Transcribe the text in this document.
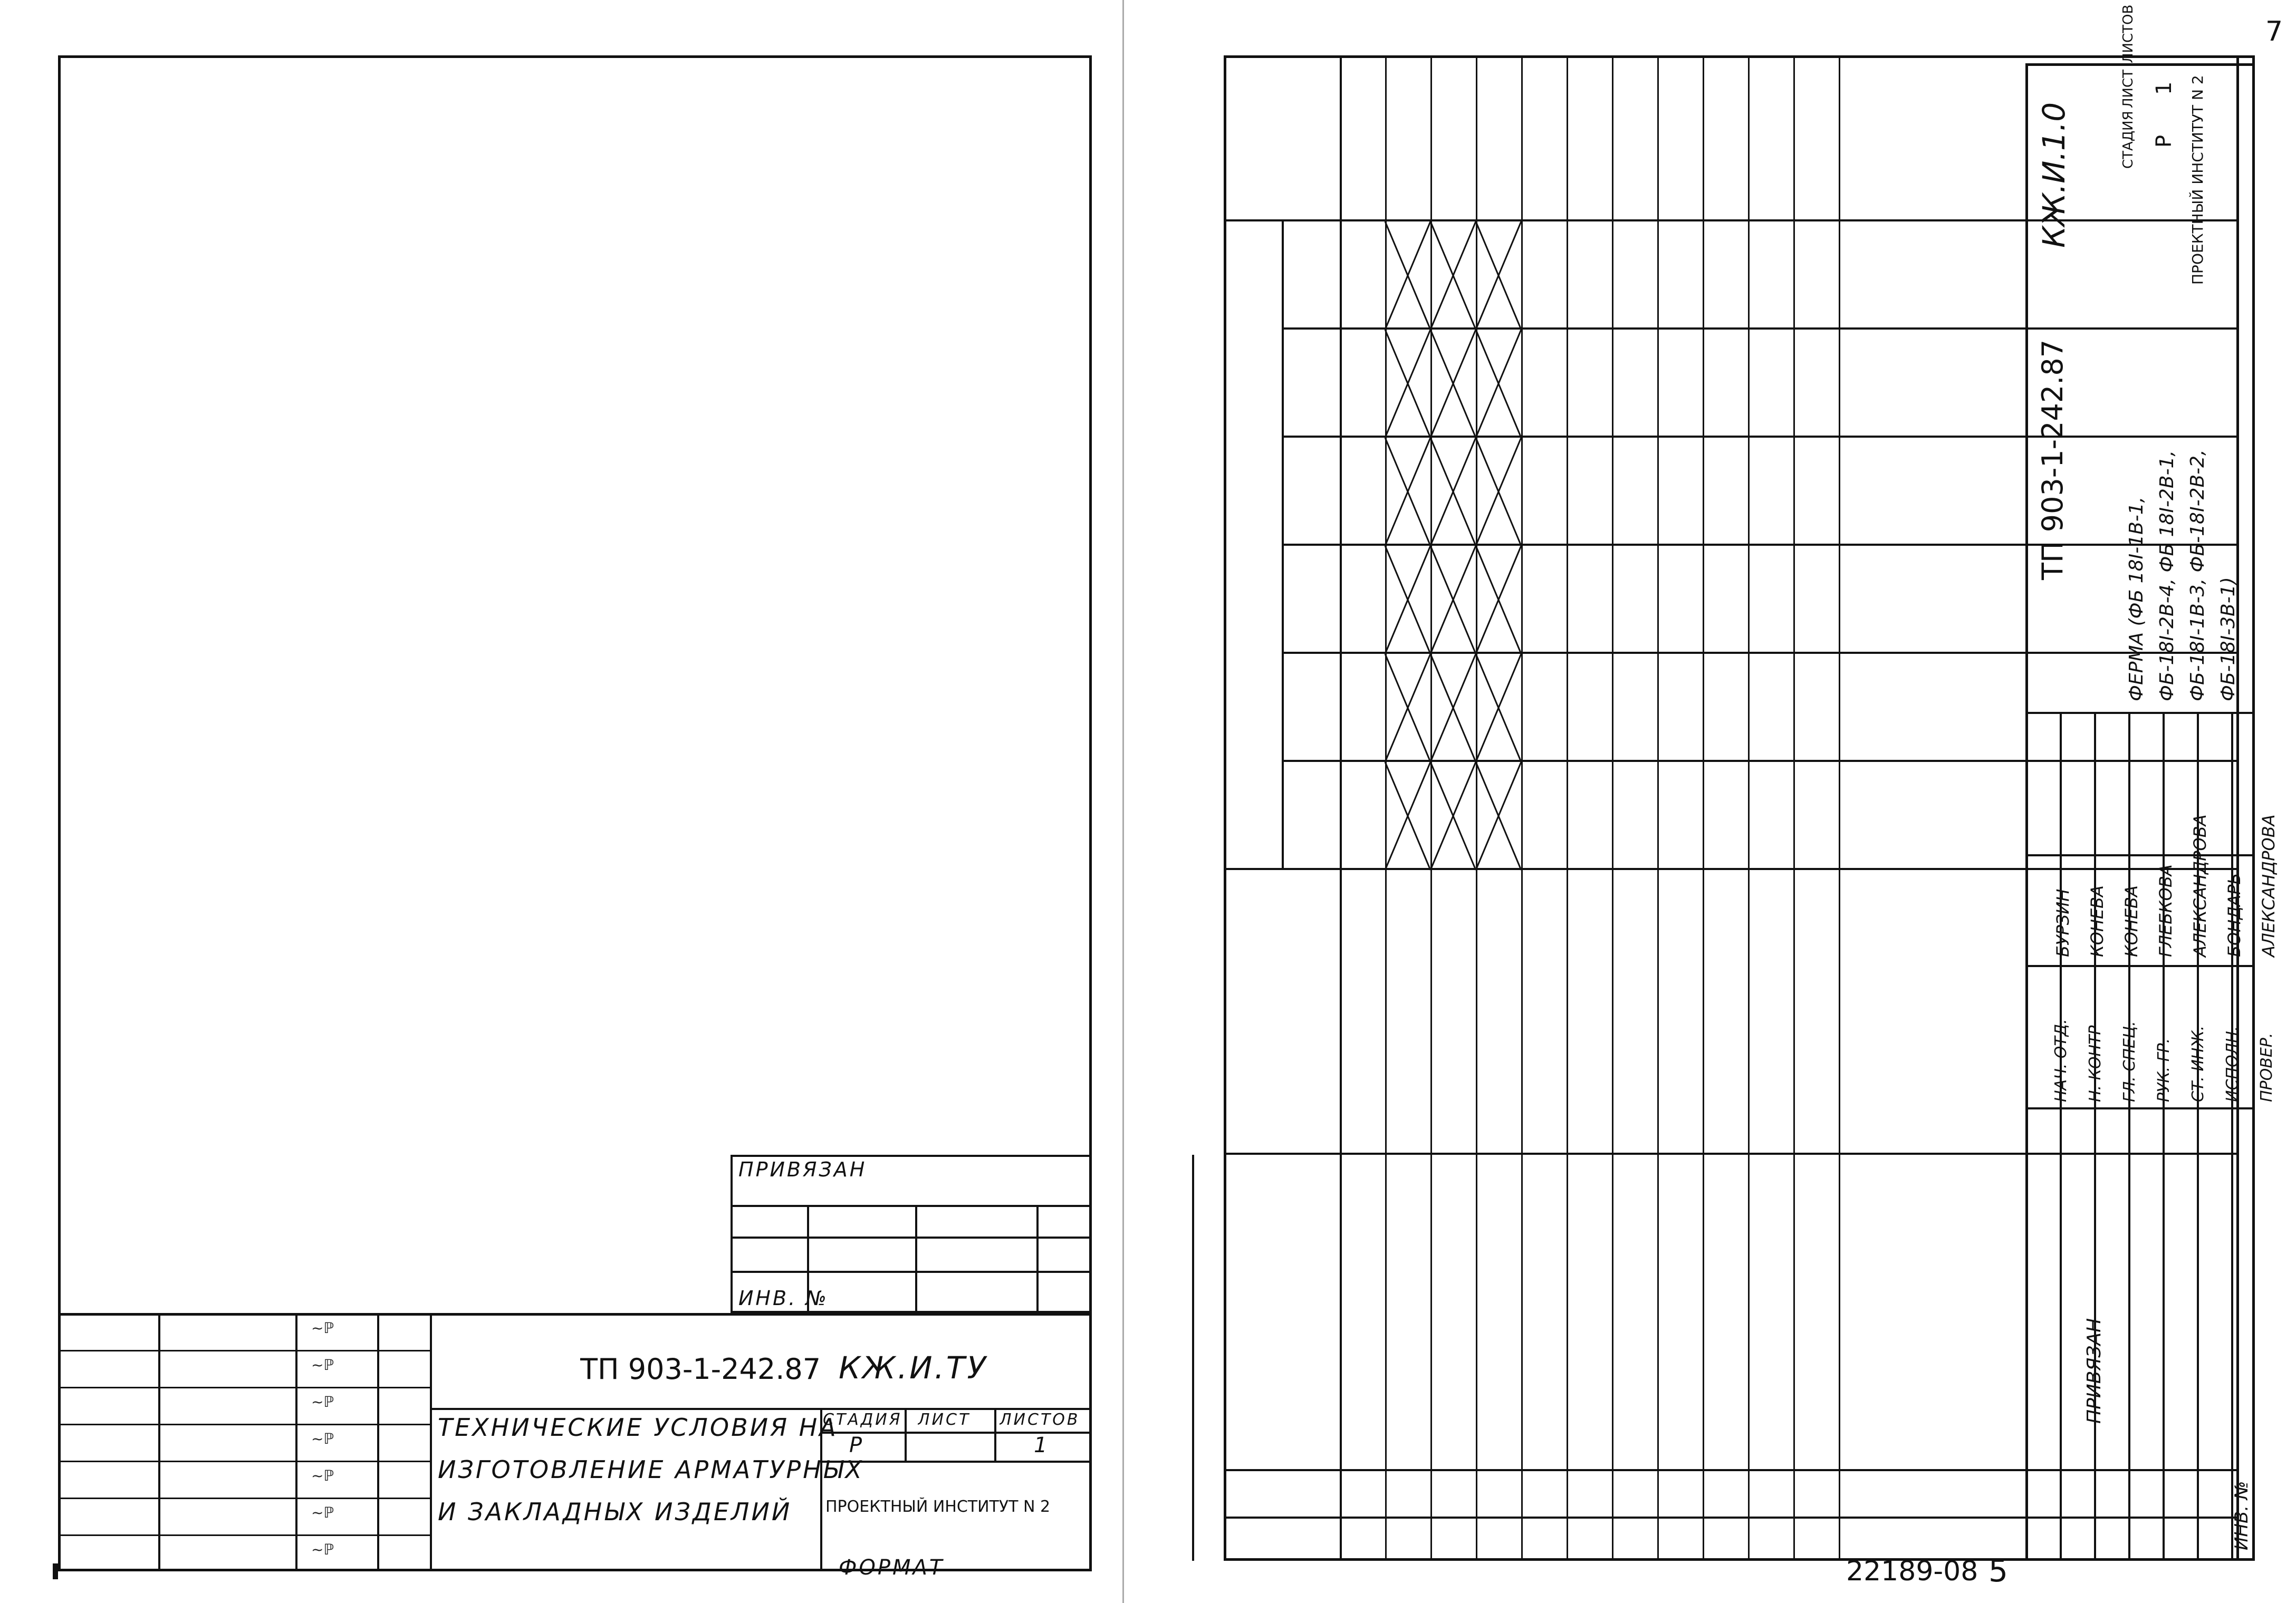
ПРИВЯЗАН
ИНВ. №
~ℙ
~ℙ
~ℙ
~ℙ
~ℙ
~ℙ
~ℙ
ТП 903-1-242.87 КЖ.И.ТУ
ТЕХНИЧЕСКИЕ УСЛОВИЯ НА
ИЗГОТОВЛЕНИЕ АРМАТУРНЫХ
И ЗАКЛАДНЫХ ИЗДЕЛИЙ
СТАДИЯ ЛИСТ ЛИСТОВ
Р	1
ПРОЕКТНЫЙ ИНСТИТУТ N 2
ФОРМАТ	22189-08 5
7
НАЧ. ОТД.
БУРЗИН
Н. КОНТР
КОНЕВА
ГЛ. СПЕЦ.
КОНЕВА
РУК. ГР.
ГЛЕБКОВА
СТ. ИНЖ.
АЛЕКСАНДРОВА
ИСПОЛН.
БОНДАРЬ
ПРОВЕР.
АЛЕКСАНДРОВА
ТП 903-1-242.87
КЖ.И.1.0
ФЕРМА (ФБ 18I-1В-1, ФБ-18I-2В-4, ФБ 18I-2В-1, ФБ-18I-1В-3, ФБ-18I-2В-2, ФБ-18I-3В-1)
СТАДИЯ
ЛИСТ
ЛИСТОВ
Р
1 ПРОЕКТНЫЙ ИНСТИТУТ N 2
ПРИВЯЗАН
ИНВ. №
